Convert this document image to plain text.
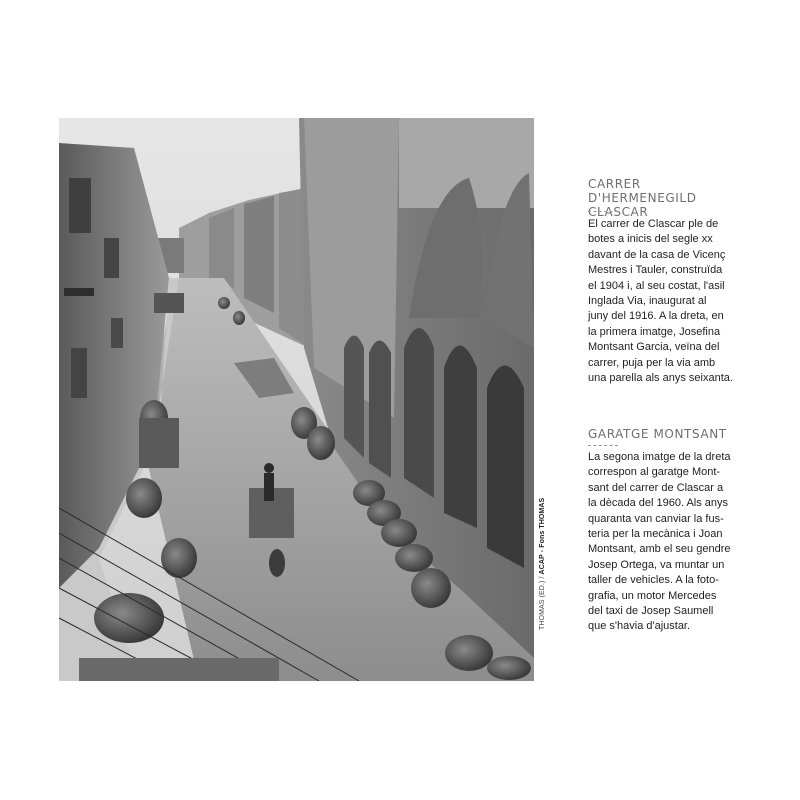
THOMAS (ED.) / ACAP - Fons THOMAS
CARRER D'HERMENEGILD CLASCAR

El carrer de Clascar ple de
botes a inicis del segle xx
davant de la casa de Vicenç
Mestres i Tauler, construïda
el 1904 i, al seu costat, l'asil
Inglada Via, inaugurat al
juny del 1916. A la dreta, en
la primera imatge, Josefina
Montsant Garcia, veïna del
carrer, puja per la via amb
una parella als anys seixanta.

GARATGE MONTSANT

La segona imatge de la dreta
correspon al garatge Mont-
sant del carrer de Clascar a
la dècada del 1960. Als anys
quaranta van canviar la fus-
teria per la mecànica i Joan
Montsant, amb el seu gendre
Josep Ortega, va muntar un
taller de vehicles. A la foto-
grafia, un motor Mercedes
del taxi de Josep Saumell
que s'havia d'ajustar.
